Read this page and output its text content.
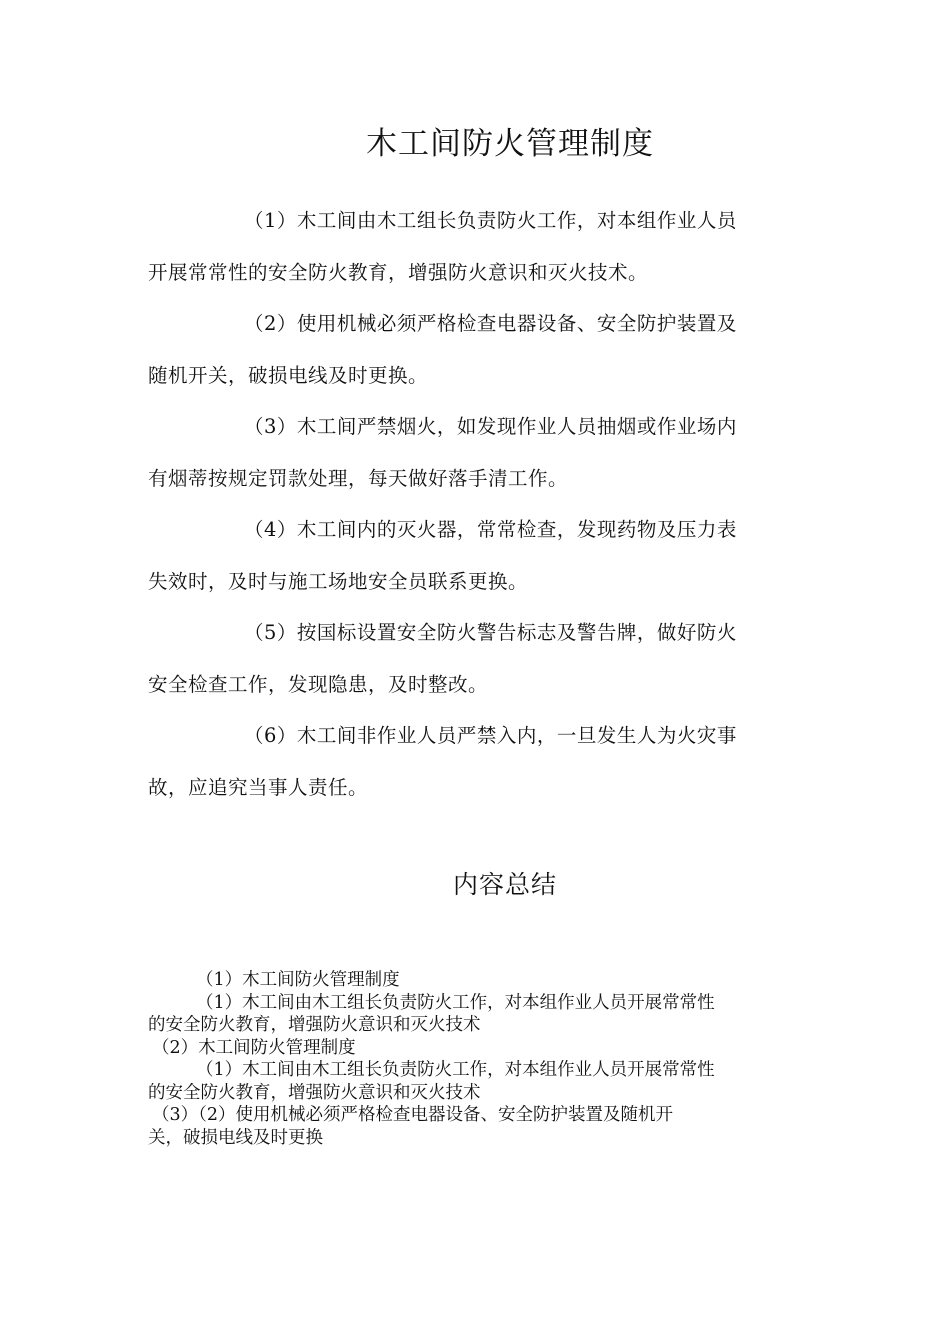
木工间防火管理制度

（1）木工间由木工组长负责防火工作，对本组作业人员
开展常常性的安全防火教育，增强防火意识和灭火技术。

（2）使用机械必须严格检查电器设备、安全防护装置及
随机开关，破损电线及时更换。

（3）木工间严禁烟火，如发现作业人员抽烟或作业场内
有烟蒂按规定罚款处理，每天做好落手清工作。

（4）木工间内的灭火器，常常检查，发现药物及压力表
失效时，及时与施工场地安全员联系更换。

（5）按国标设置安全防火警告标志及警告牌，做好防火
安全检查工作，发现隐患，及时整改。

（6）木工间非作业人员严禁入内，一旦发生人为火灾事
故，应追究当事人责任。

内容总结

（1）木工间防火管理制度

（1）木工间由木工组长负责防火工作，对本组作业人员开展常常性

的安全防火教育，增强防火意识和灭火技术

（2）木工间防火管理制度

（1）木工间由木工组长负责防火工作，对本组作业人员开展常常性

的安全防火教育，增强防火意识和灭火技术

（3）（2）使用机械必须严格检查电器设备、安全防护装置及随机开

关，破损电线及时更换
